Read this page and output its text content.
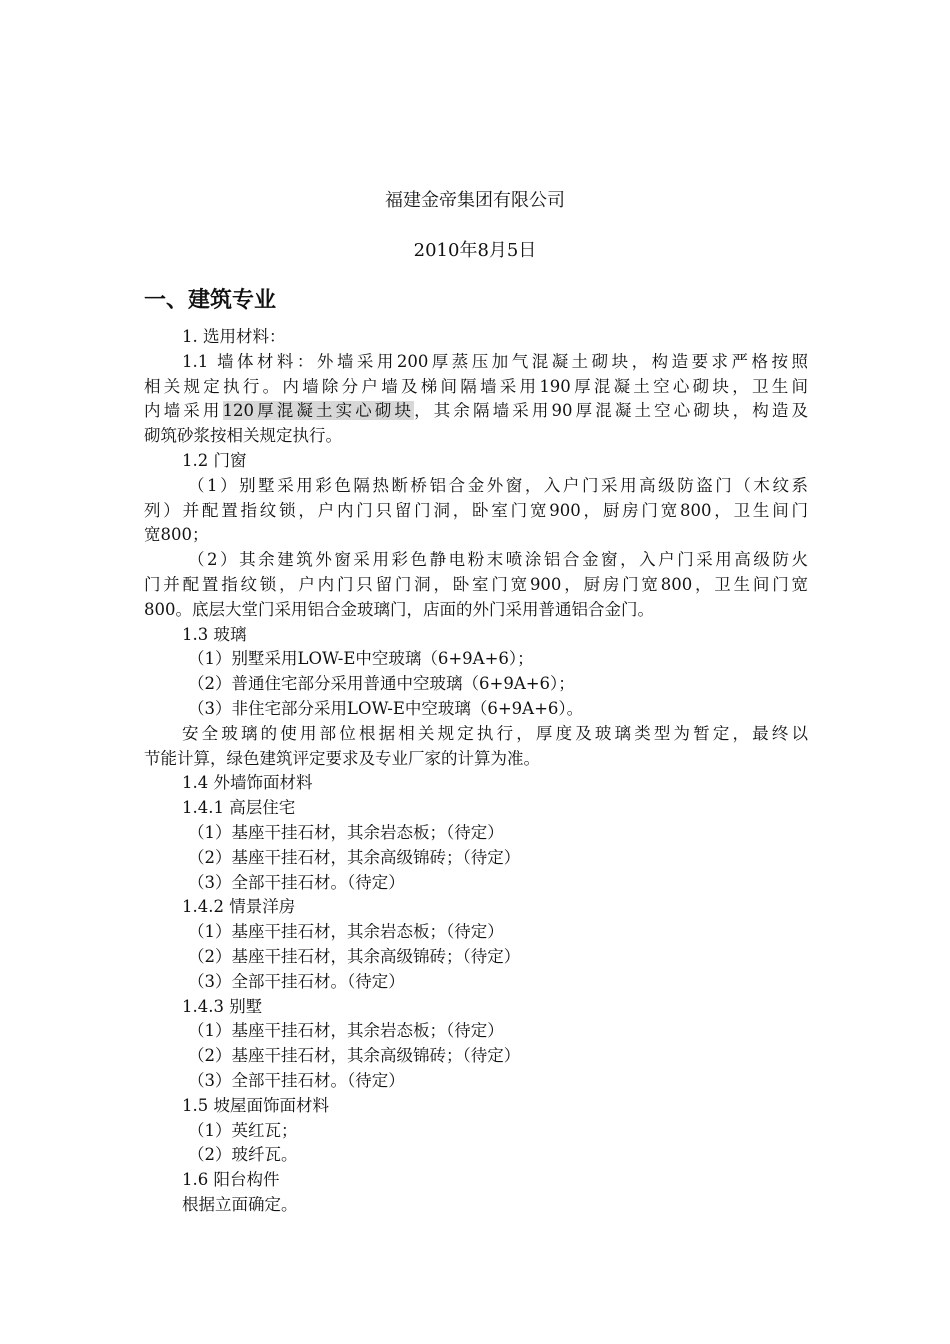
福建金帝集团有限公司
2010年8月5日
一、建筑专业

1. 选用材料：

1.1 墙体材料：外墙采用200厚蒸压加气混凝土砌块，构造要求严格按照

相关规定执行。内墙除分户墙及梯间隔墙采用190厚混凝土空心砌块，卫生间

内墙采用120厚混凝土实心砌块，其余隔墙采用90厚混凝土空心砌块，构造及

砌筑砂浆按相关规定执行。

1.2 门窗

（1）别墅采用彩色隔热断桥铝合金外窗，入户门采用高级防盗门（木纹系

列）并配置指纹锁，户内门只留门洞，卧室门宽900，厨房门宽800，卫生间门

宽800；

（2）其余建筑外窗采用彩色静电粉末喷涂铝合金窗，入户门采用高级防火

门并配置指纹锁，户内门只留门洞，卧室门宽900，厨房门宽800，卫生间门宽

800。底层大堂门采用铝合金玻璃门，店面的外门采用普通铝合金门。

1.3 玻璃

（1）别墅采用LOW-E中空玻璃（6+9A+6）；

（2）普通住宅部分采用普通中空玻璃（6+9A+6）；

（3）非住宅部分采用LOW-E中空玻璃（6+9A+6）。

安全玻璃的使用部位根据相关规定执行，厚度及玻璃类型为暂定，最终以

节能计算，绿色建筑评定要求及专业厂家的计算为准。

1.4 外墙饰面材料

1.4.1 高层住宅

（1）基座干挂石材，其余岩态板；（待定）

（2）基座干挂石材，其余高级锦砖；（待定）

（3）全部干挂石材。（待定）

1.4.2 情景洋房

（1）基座干挂石材，其余岩态板；（待定）

（2）基座干挂石材，其余高级锦砖；（待定）

（3）全部干挂石材。（待定）

1.4.3 别墅

（1）基座干挂石材，其余岩态板；（待定）

（2）基座干挂石材，其余高级锦砖；（待定）

（3）全部干挂石材。（待定）

1.5 坡屋面饰面材料

（1）英红瓦；

（2）玻纤瓦。

1.6 阳台构件

根据立面确定。
